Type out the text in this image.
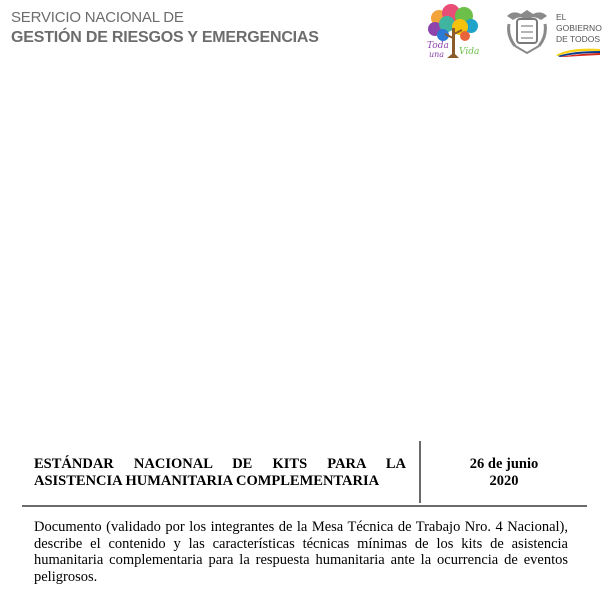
SERVICIO NACIONAL DE
GESTIÓN DE RIESGOS Y EMERGENCIAS	Toda
una Vida
EL
GOBIERNO
DE TODOS
ESTÁNDAR NACIONAL DE KITS PARA LA
ASISTENCIA HUMANITARIA COMPLEMENTARIA
26 de junio
2020
Documento (validado por los integrantes de la Mesa Técnica de Trabajo Nro. 4 Nacional), describe el contenido y las características técnicas mínimas de los kits de asistencia humanitaria complementaria para la respuesta humanitaria ante la ocurrencia de eventos peligrosos.
